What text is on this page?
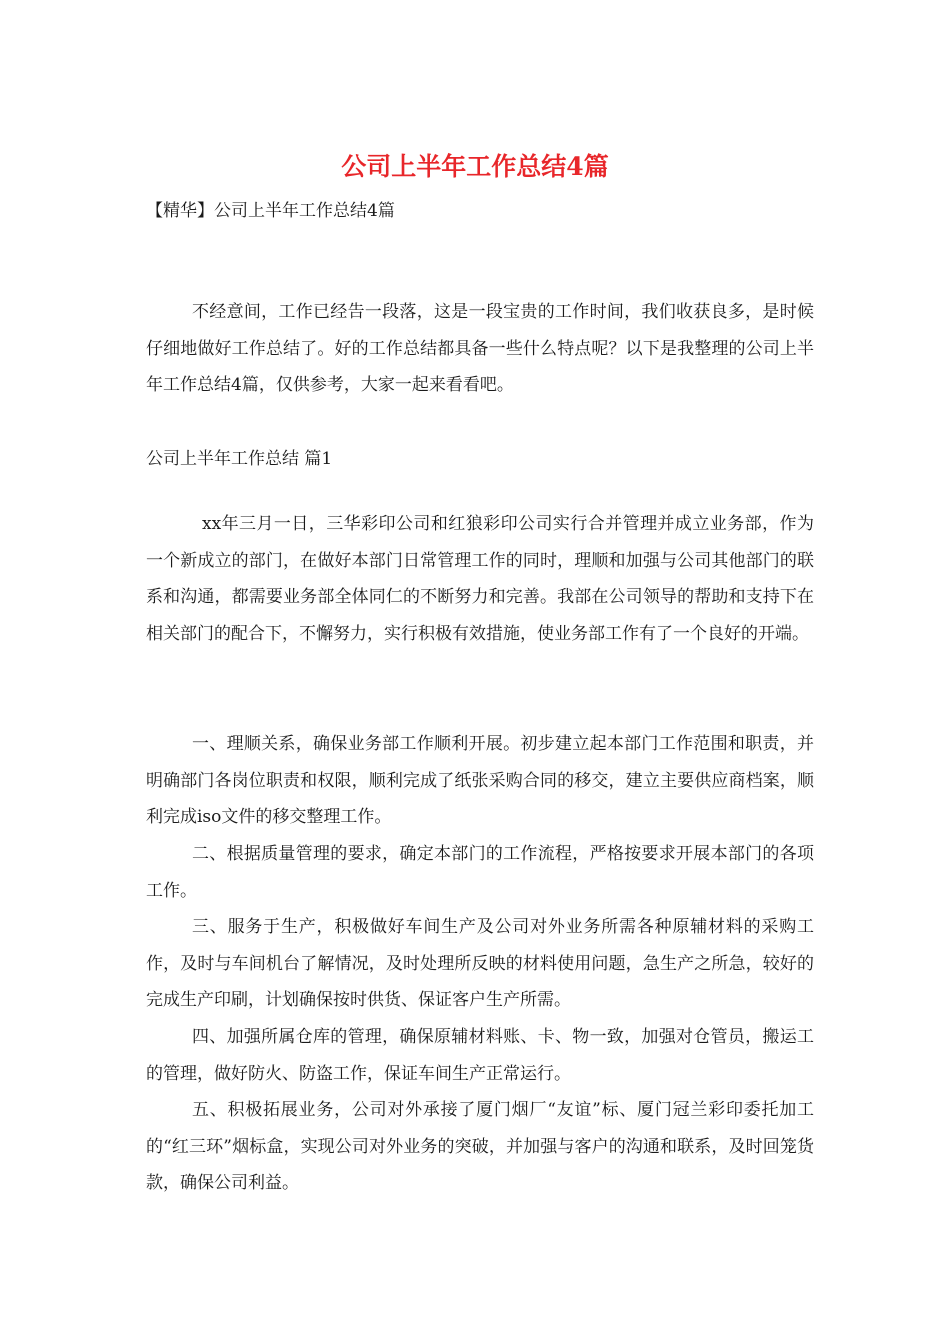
公司上半年工作总结4篇

【精华】公司上半年工作总结4篇

不经意间，工作已经告一段落，这是一段宝贵的工作时间，我们收获良多，是时候仔细地做好工作总结了。好的工作总结都具备一些什么特点呢？以下是我整理的公司上半年工作总结4篇，仅供参考，大家一起来看看吧。

公司上半年工作总结 篇1

xx年三月一日，三华彩印公司和红狼彩印公司实行合并管理并成立业务部，作为一个新成立的部门，在做好本部门日常管理工作的同时，理顺和加强与公司其他部门的联系和沟通，都需要业务部全体同仁的不断努力和完善。我部在公司领导的帮助和支持下在相关部门的配合下，不懈努力，实行积极有效措施，使业务部工作有了一个良好的开端。

一、理顺关系，确保业务部工作顺利开展。初步建立起本部门工作范围和职责，并明确部门各岗位职责和权限，顺利完成了纸张采购合同的移交，建立主要供应商档案，顺利完成iso文件的移交整理工作。

二、根据质量管理的要求，确定本部门的工作流程，严格按要求开展本部门的各项工作。

三、服务于生产，积极做好车间生产及公司对外业务所需各种原辅材料的采购工作，及时与车间机台了解情况，及时处理所反映的材料使用问题，急生产之所急，较好的完成生产印刷，计划确保按时供货、保证客户生产所需。

四、加强所属仓库的管理，确保原辅材料账、卡、物一致，加强对仓管员，搬运工的管理，做好防火、防盗工作，保证车间生产正常运行。

五、积极拓展业务，公司对外承接了厦门烟厂“友谊”标、厦门冠兰彩印委托加工的“红三环”烟标盒，实现公司对外业务的突破，并加强与客户的沟通和联系，及时回笼货款，确保公司利益。
